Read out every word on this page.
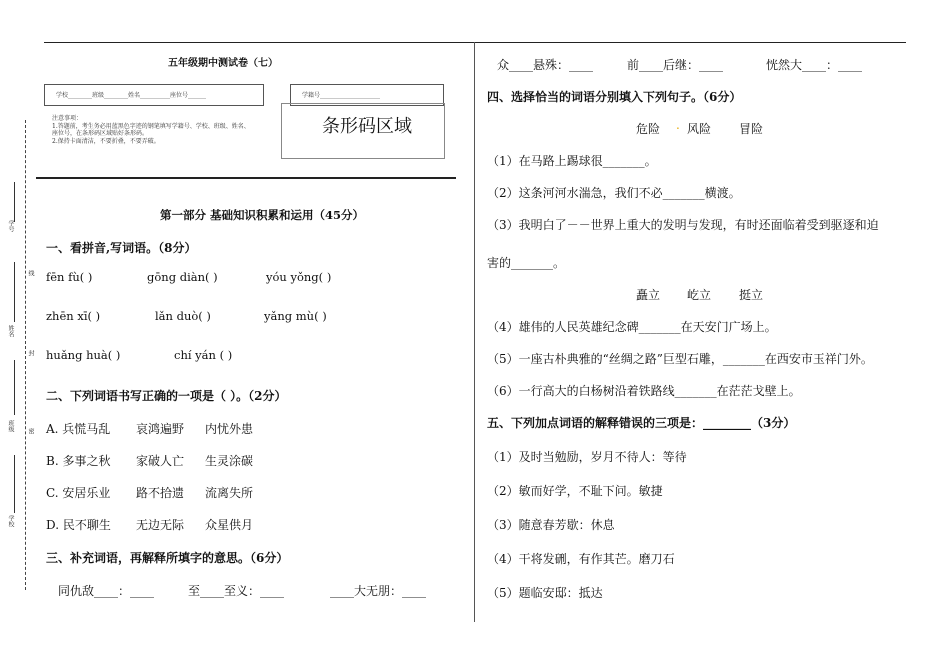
学号
线
姓名
封
班级 密
学校
五年级期中测试卷（七）
学校________班级________姓名__________座位号______	学籍号____________________
注意事项：
1.答题前，考生务必用蓝黑色字迹的钢笔填写学籍号、学校、班级、姓名、
座位号，在条形码区域贴好条形码。
2.保持卡面清洁，不要折叠，不要弄破。
条形码区域
第一部分 基础知识积累和运用（45分）
一、看拼音,写词语。（8分）
fēn fù( )	gōng diàn( )	yóu yǒng( )
zhēn xī( )	lǎn duò( )	yǎng mù( )
huǎng huà( )	chí yán ( )
二、下列词语书写正确的一项是（ ）。（2分）
A. 兵慌马乱 哀鸿遍野 内忧外患
B. 多事之秋 家破人亡 生灵涂碳
C. 安居乐业 路不拾遗 流离失所
D. 民不聊生 无边无际 众星供月
三、补充词语，再解释所填字的意思。（6分）
同仇敌____：____	至____至义：____	____大无朋：____
众____悬殊：____	前____后继：____	恍然大____：____
四、选择恰当的词语分别填入下列句子。（6分）
危险 . 风险 冒险
（1）在马路上踢球很_______。
（2）这条河河水湍急，我们不必_______横渡。
（3）我明白了－－世界上重大的发明与发现，有时还面临着受到驱逐和迫
害的_______。
矗立 屹立 挺立
（4）雄伟的人民英雄纪念碑_______在天安门广场上。
（5）一座古朴典雅的“丝绸之路”巨型石雕，_______在西安市玉祥门外。
（6）一行高大的白杨树沿着铁路线_______在茫茫戈壁上。
五、下列加点词语的解释错误的三项是：________（3分）
（1）及时当勉励，岁月不待人：等待
（2）敏而好学，不耻下问。敏捷
（3）随意春芳歇：休息
（4）干将发硎，有作其芒。磨刀石
（5）题临安邸：抵达
